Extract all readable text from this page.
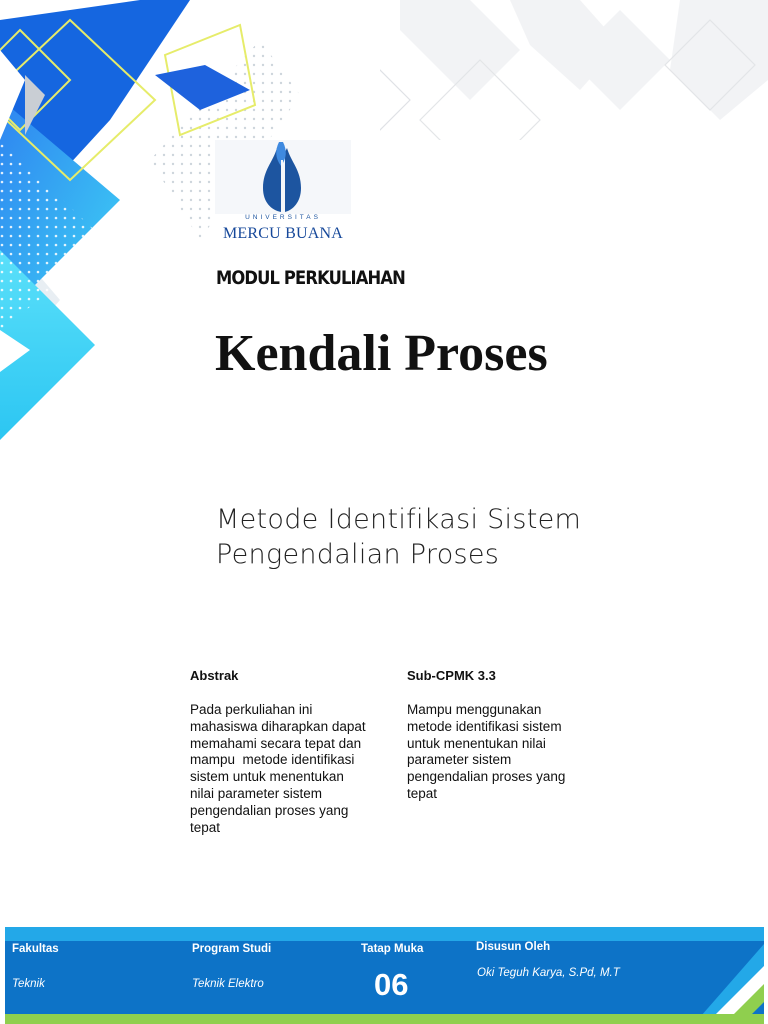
UNIVERSITAS
MERCU BUANA
MODUL PERKULIAHAN
Kendali Proses
Metode Identifikasi Sistem
Pengendalian Proses
Abstrak
Pada perkuliahan ini
mahasiswa diharapkan dapat
memahami secara tepat dan
mampu  metode identifikasi
sistem untuk menentukan
nilai parameter sistem
pengendalian proses yang
tepat
Sub-CPMK 3.3
Mampu menggunakan
metode identifikasi sistem
untuk menentukan nilai
parameter sistem
pengendalian proses yang
tepat
Fakultas
Teknik
Program Studi
Teknik Elektro
Tatap Muka
06
Disusun Oleh
Oki Teguh Karya, S.Pd, M.T
